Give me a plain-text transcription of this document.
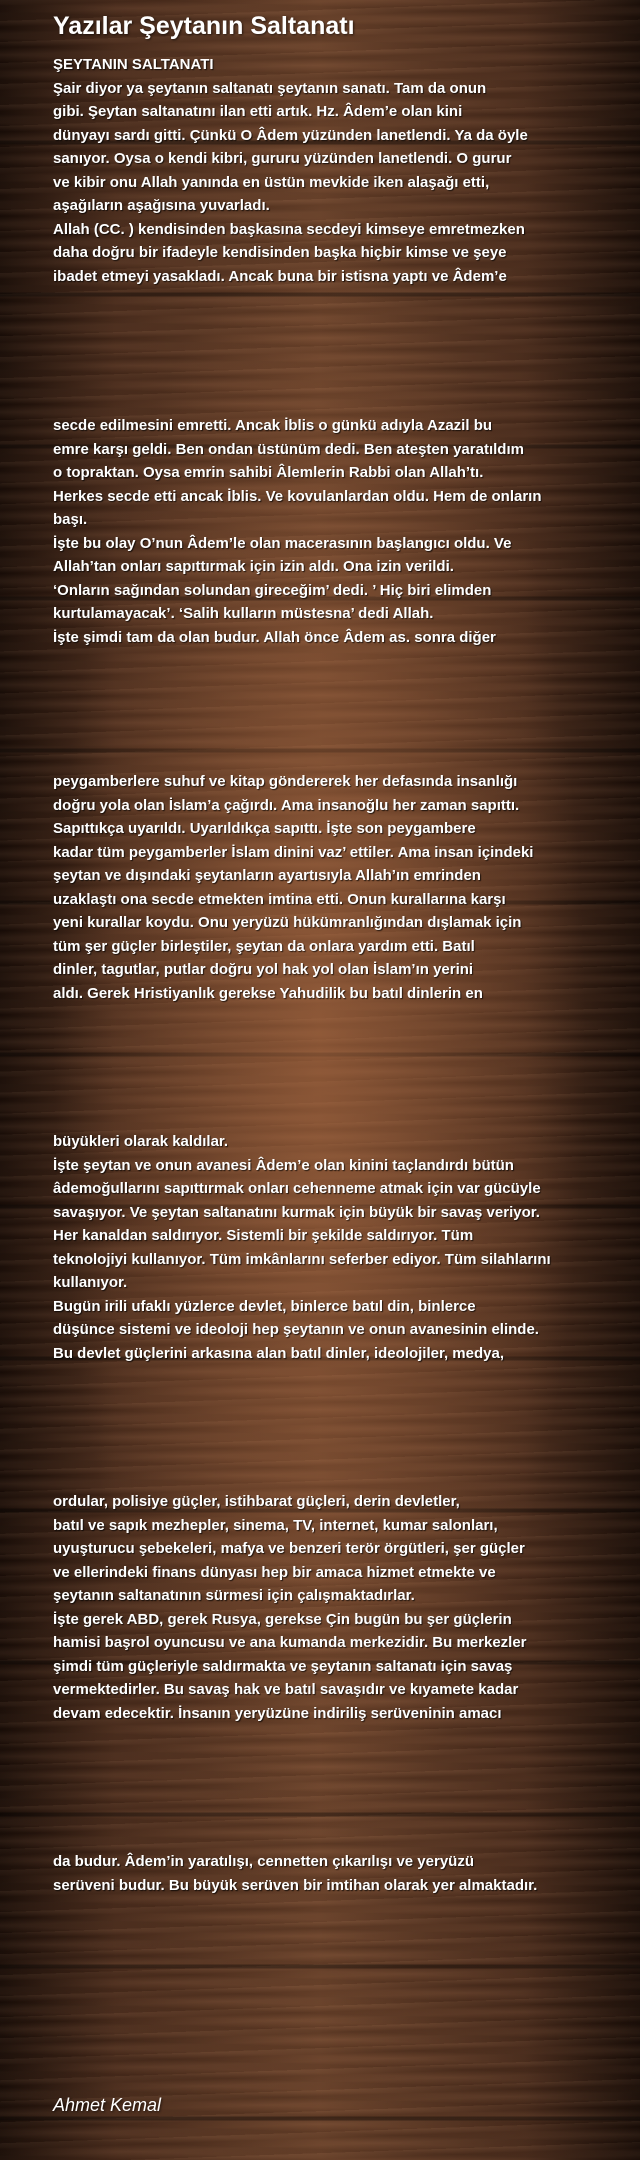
Yazılar Şeytanın Saltanatı
ŞEYTANIN SALTANATI
Şair diyor ya şeytanın saltanatı şeytanın sanatı. Tam da onun
gibi. Şeytan saltanatını ilan etti artık. Hz. Âdem’e olan kini
dünyayı sardı gitti. Çünkü O Âdem yüzünden lanetlendi. Ya da öyle
sanıyor. Oysa o kendi kibri, gururu yüzünden lanetlendi. O gurur
ve kibir onu Allah yanında en üstün mevkide iken alaşağı etti,
aşağıların aşağısına yuvarladı.
Allah (CC. ) kendisinden başkasına secdeyi kimseye emretmezken
daha doğru bir ifadeyle kendisinden başka hiçbir kimse ve şeye
ibadet etmeyi yasakladı. Ancak buna bir istisna yaptı ve Âdem’e
secde edilmesini emretti. Ancak İblis o günkü adıyla Azazil bu
emre karşı geldi. Ben ondan üstünüm dedi. Ben ateşten yaratıldım
o topraktan. Oysa emrin sahibi Âlemlerin Rabbi olan Allah’tı.
Herkes secde etti ancak İblis. Ve kovulanlardan oldu. Hem de onların
başı.
İşte bu olay O’nun Âdem’le olan macerasının başlangıcı oldu. Ve
Allah’tan onları sapıttırmak için izin aldı. Ona izin verildi.
‘Onların sağından solundan gireceğim’ dedi. ’ Hiç biri elimden
kurtulamayacak’. ‘Salih kulların müstesna’ dedi Allah.
İşte şimdi tam da olan budur. Allah önce Âdem as. sonra diğer
peygamberlere suhuf ve kitap göndererek her defasında insanlığı
doğru yola olan İslam’a çağırdı. Ama insanoğlu her zaman sapıttı.
Sapıttıkça uyarıldı. Uyarıldıkça sapıttı. İşte son peygambere
kadar tüm peygamberler İslam dinini vaz’ ettiler. Ama insan içindeki
şeytan ve dışındaki şeytanların ayartısıyla Allah’ın emrinden
uzaklaştı ona secde etmekten imtina etti. Onun kurallarına karşı
yeni kurallar koydu. Onu yeryüzü hükümranlığından dışlamak için
tüm şer güçler birleştiler, şeytan da onlara yardım etti. Batıl
dinler, tagutlar, putlar doğru yol hak yol olan İslam’ın yerini
aldı. Gerek Hristiyanlık gerekse Yahudilik bu batıl dinlerin en
büyükleri olarak kaldılar.
İşte şeytan ve onun avanesi Âdem’e olan kinini taçlandırdı bütün
âdemoğullarını sapıttırmak onları cehenneme atmak için var gücüyle
savaşıyor. Ve şeytan saltanatını kurmak için büyük bir savaş veriyor.
Her kanaldan saldırıyor. Sistemli bir şekilde saldırıyor. Tüm
teknolojiyi kullanıyor. Tüm imkânlarını seferber ediyor. Tüm silahlarını
kullanıyor.
Bugün irili ufaklı yüzlerce devlet, binlerce batıl din, binlerce
düşünce sistemi ve ideoloji hep şeytanın ve onun avanesinin elinde.
Bu devlet güçlerini arkasına alan batıl dinler, ideolojiler, medya,
ordular, polisiye güçler, istihbarat güçleri, derin devletler,
batıl ve sapık mezhepler, sinema, TV, internet, kumar salonları,
uyuşturucu şebekeleri, mafya ve benzeri terör örgütleri, şer güçler
ve ellerindeki finans dünyası hep bir amaca hizmet etmekte ve
şeytanın saltanatının sürmesi için çalışmaktadırlar.
İşte gerek ABD, gerek Rusya, gerekse Çin bugün bu şer güçlerin
hamisi başrol oyuncusu ve ana kumanda merkezidir. Bu merkezler
şimdi tüm güçleriyle saldırmakta ve şeytanın saltanatı için savaş
vermektedirler. Bu savaş hak ve batıl savaşıdır ve kıyamete kadar
devam edecektir. İnsanın yeryüzüne indiriliş serüveninin amacı
da budur. Âdem’in yaratılışı, cennetten çıkarılışı ve yeryüzü
serüveni budur. Bu büyük serüven bir imtihan olarak yer almaktadır.
Ahmet Kemal
